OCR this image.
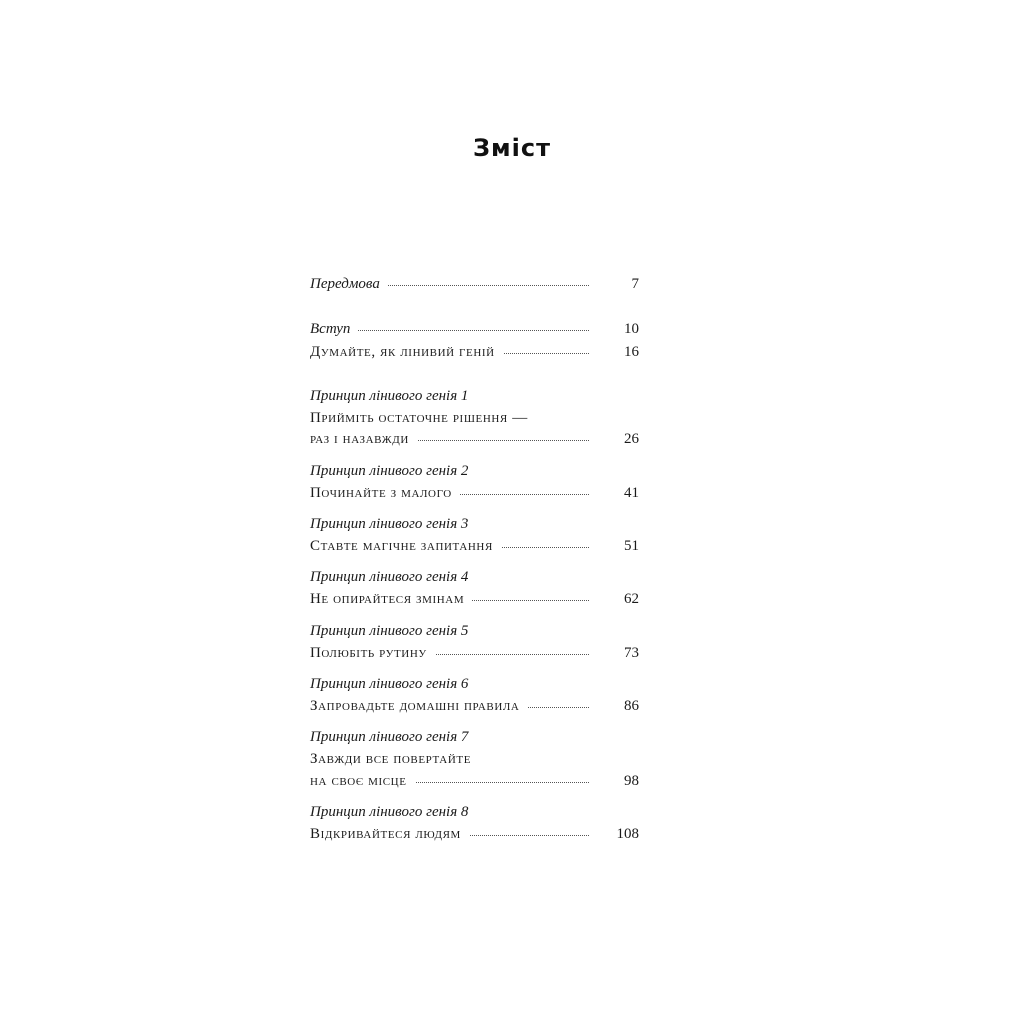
Зміст
Передмова	7
Вступ	10
Думайте, як лінивий геній	16
Принцип лінивого генія 1
Прийміть остаточне рішення —
раз і назавжди	26
Принцип лінивого генія 2
Починайте з малого	41
Принцип лінивого генія 3
Ставте магічне запитання	51
Принцип лінивого генія 4
Не опирайтеся змінам	62
Принцип лінивого генія 5
Полюбіть рутину	73
Принцип лінивого генія 6
Запровадьте домашні правила	86
Принцип лінивого генія 7
Завжди все повертайте
на своє місце	98
Принцип лінивого генія 8
Відкривайтеся людям	108
